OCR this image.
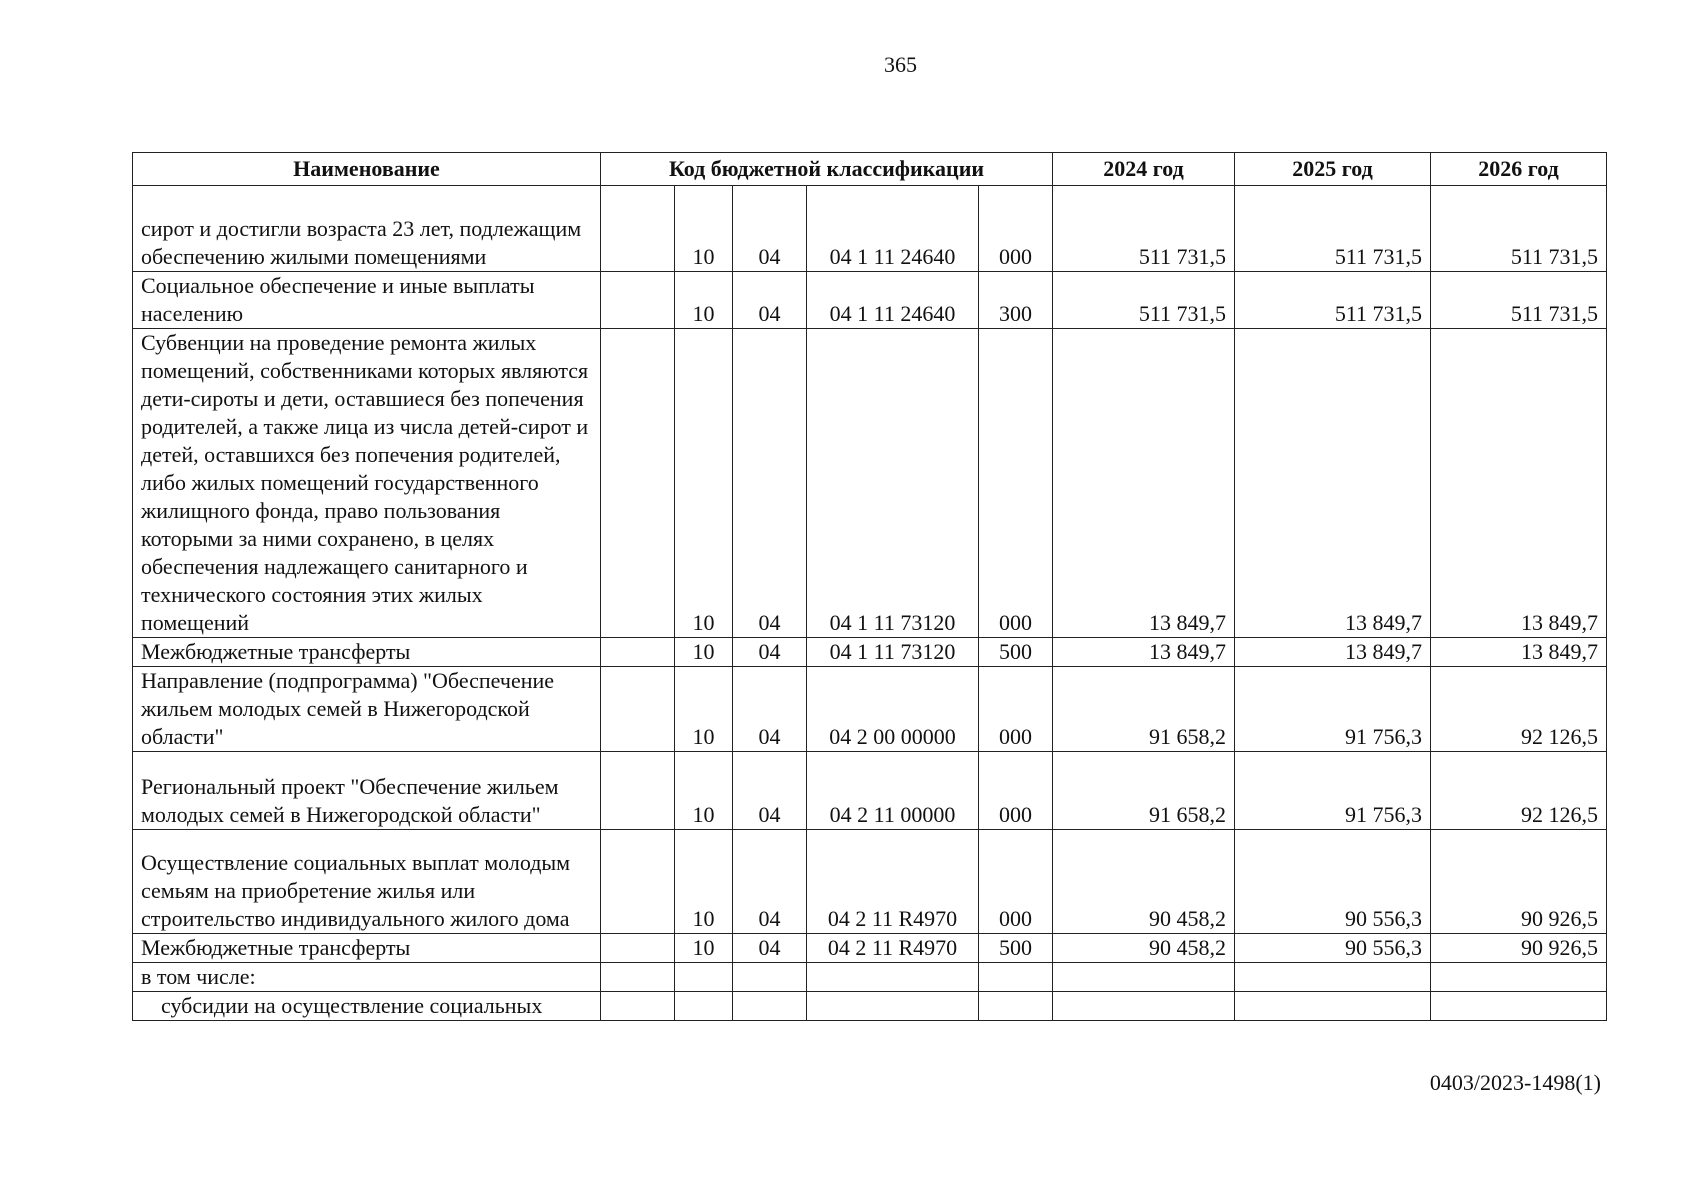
365
Наименование	Код бюджетной классификации					2024 год	2025 год	2026 год
сирот и достигли возраста 23 лет, подлежащим обеспечению жилыми помещениями		10	04	04 1 11 24640	000	511 731,5	511 731,5	511 731,5
Социальное обеспечение и иные выплаты населению		10	04	04 1 11 24640	300	511 731,5	511 731,5	511 731,5
Субвенции на проведение ремонта жилых помещений, собственниками которых являются дети-сироты и дети, оставшиеся без попечения родителей, а также лица из числа детей-сирот и детей, оставшихся без попечения родителей, либо жилых помещений государственного жилищного фонда, право пользования которыми за ними сохранено, в целях обеспечения надлежащего санитарного и технического состояния этих жилых помещений		10	04	04 1 11 73120	000	13 849,7	13 849,7	13 849,7
Межбюджетные трансферты		10	04	04 1 11 73120	500	13 849,7	13 849,7	13 849,7
Направление (подпрограмма) "Обеспечение жильем молодых семей в Нижегородской области"		10	04	04 2 00 00000	000	91 658,2	91 756,3	92 126,5
Региональный проект "Обеспечение жильем молодых семей в Нижегородской области"		10	04	04 2 11 00000	000	91 658,2	91 756,3	92 126,5
Осуществление социальных выплат молодым семьям на приобретение жилья или строительство индивидуального жилого дома		10	04	04 2 11 R4970	000	90 458,2	90 556,3	90 926,5
Межбюджетные трансферты		10	04	04 2 11 R4970	500	90 458,2	90 556,3	90 926,5
в том числе:								
субсидии на осуществление социальных								
0403/2023-1498(1)
